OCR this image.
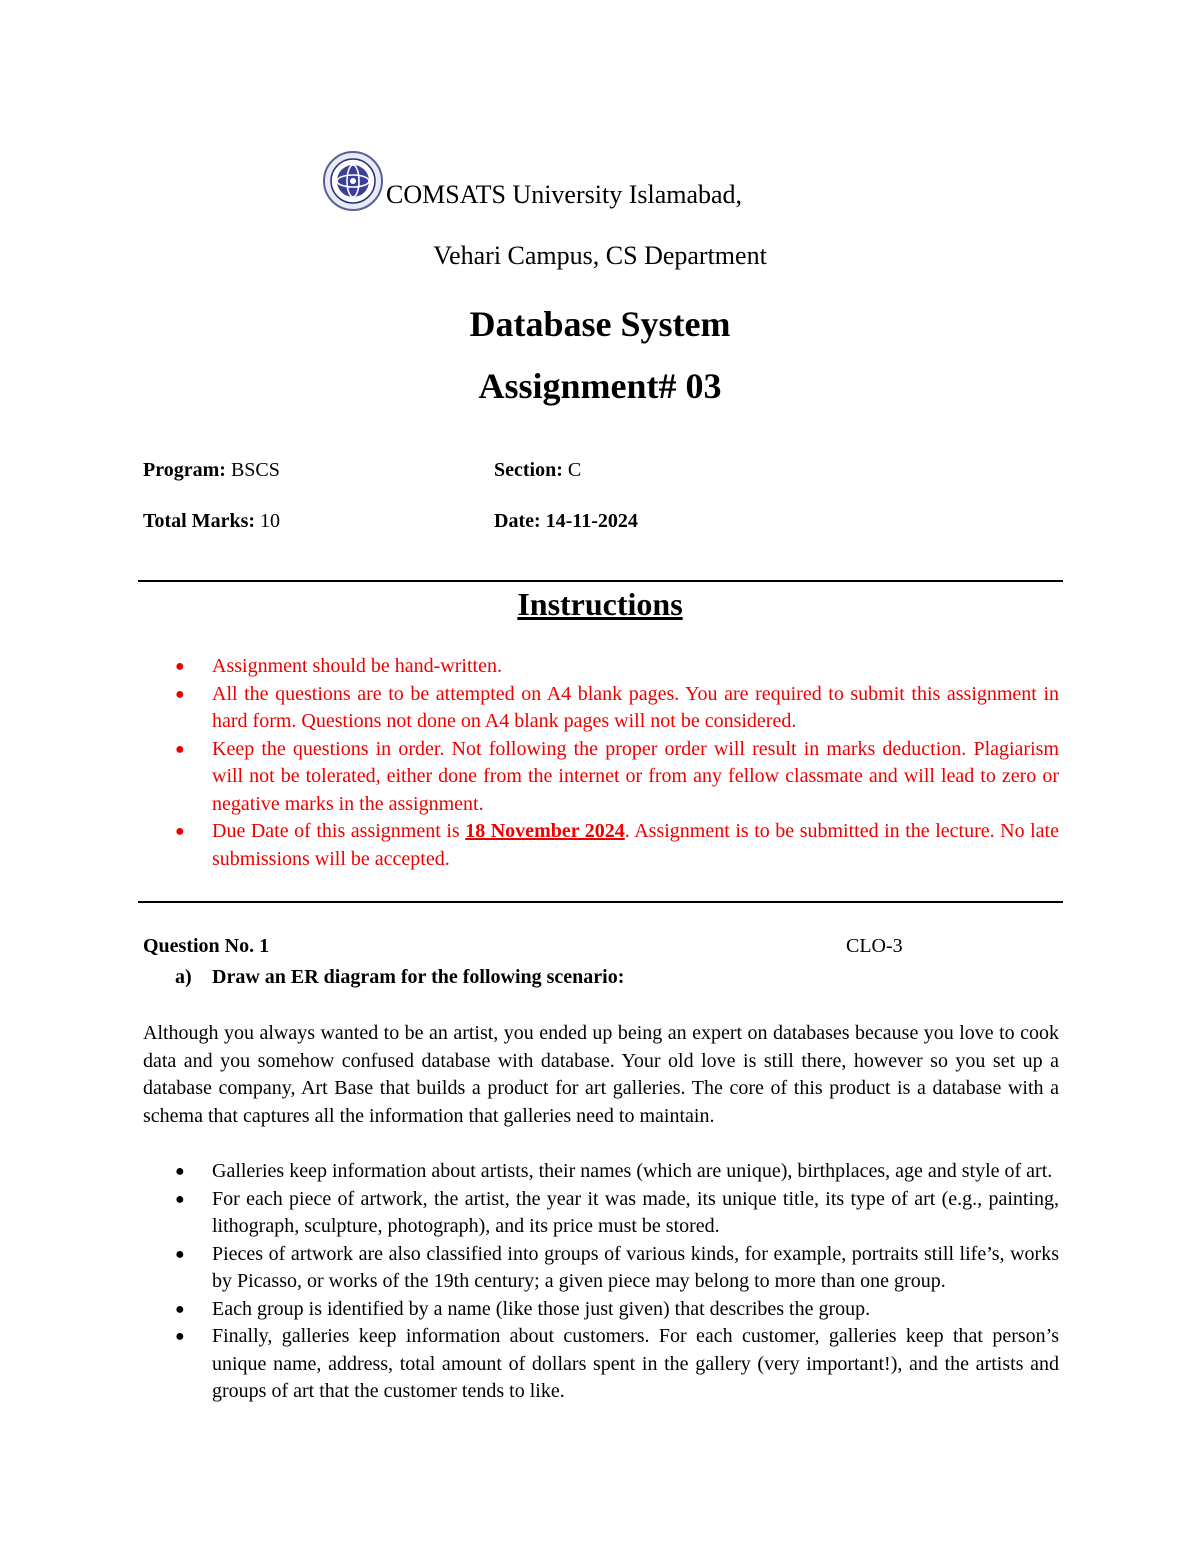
COMSATS University Islamabad,
Vehari Campus, CS Department
Database System
Assignment# 03
Program: BSCS	Section: C
Total Marks: 10	Date: 14-11-2024
Instructions
● Assignment should be hand-written.
● All the questions are to be attempted on A4 blank pages. You are required to submit this assignment in hard form. Questions not done on A4 blank pages will not be considered.
● Keep the questions in order. Not following the proper order will result in marks deduction. Plagiarism will not be tolerated, either done from the internet or from any fellow classmate and will lead to zero or negative marks in the assignment.
● Due Date of this assignment is 18 November 2024. Assignment is to be submitted in the lecture. No late submissions will be accepted.
Question No. 1	CLO-3
a) Draw an ER diagram for the following scenario:
Although you always wanted to be an artist, you ended up being an expert on databases because you love to cook data and you somehow confused database with database. Your old love is still there, however so you set up a database company, Art Base that builds a product for art galleries. The core of this product is a database with a schema that captures all the information that galleries need to maintain.
● Galleries keep information about artists, their names (which are unique), birthplaces, age and style of art.
● For each piece of artwork, the artist, the year it was made, its unique title, its type of art (e.g., painting, lithograph, sculpture, photograph), and its price must be stored.
● Pieces of artwork are also classified into groups of various kinds, for example, portraits still life’s, works by Picasso, or works of the 19th century; a given piece may belong to more than one group.
● Each group is identified by a name (like those just given) that describes the group.
● Finally, galleries keep information about customers. For each customer, galleries keep that person’s unique name, address, total amount of dollars spent in the gallery (very important!), and the artists and groups of art that the customer tends to like.
